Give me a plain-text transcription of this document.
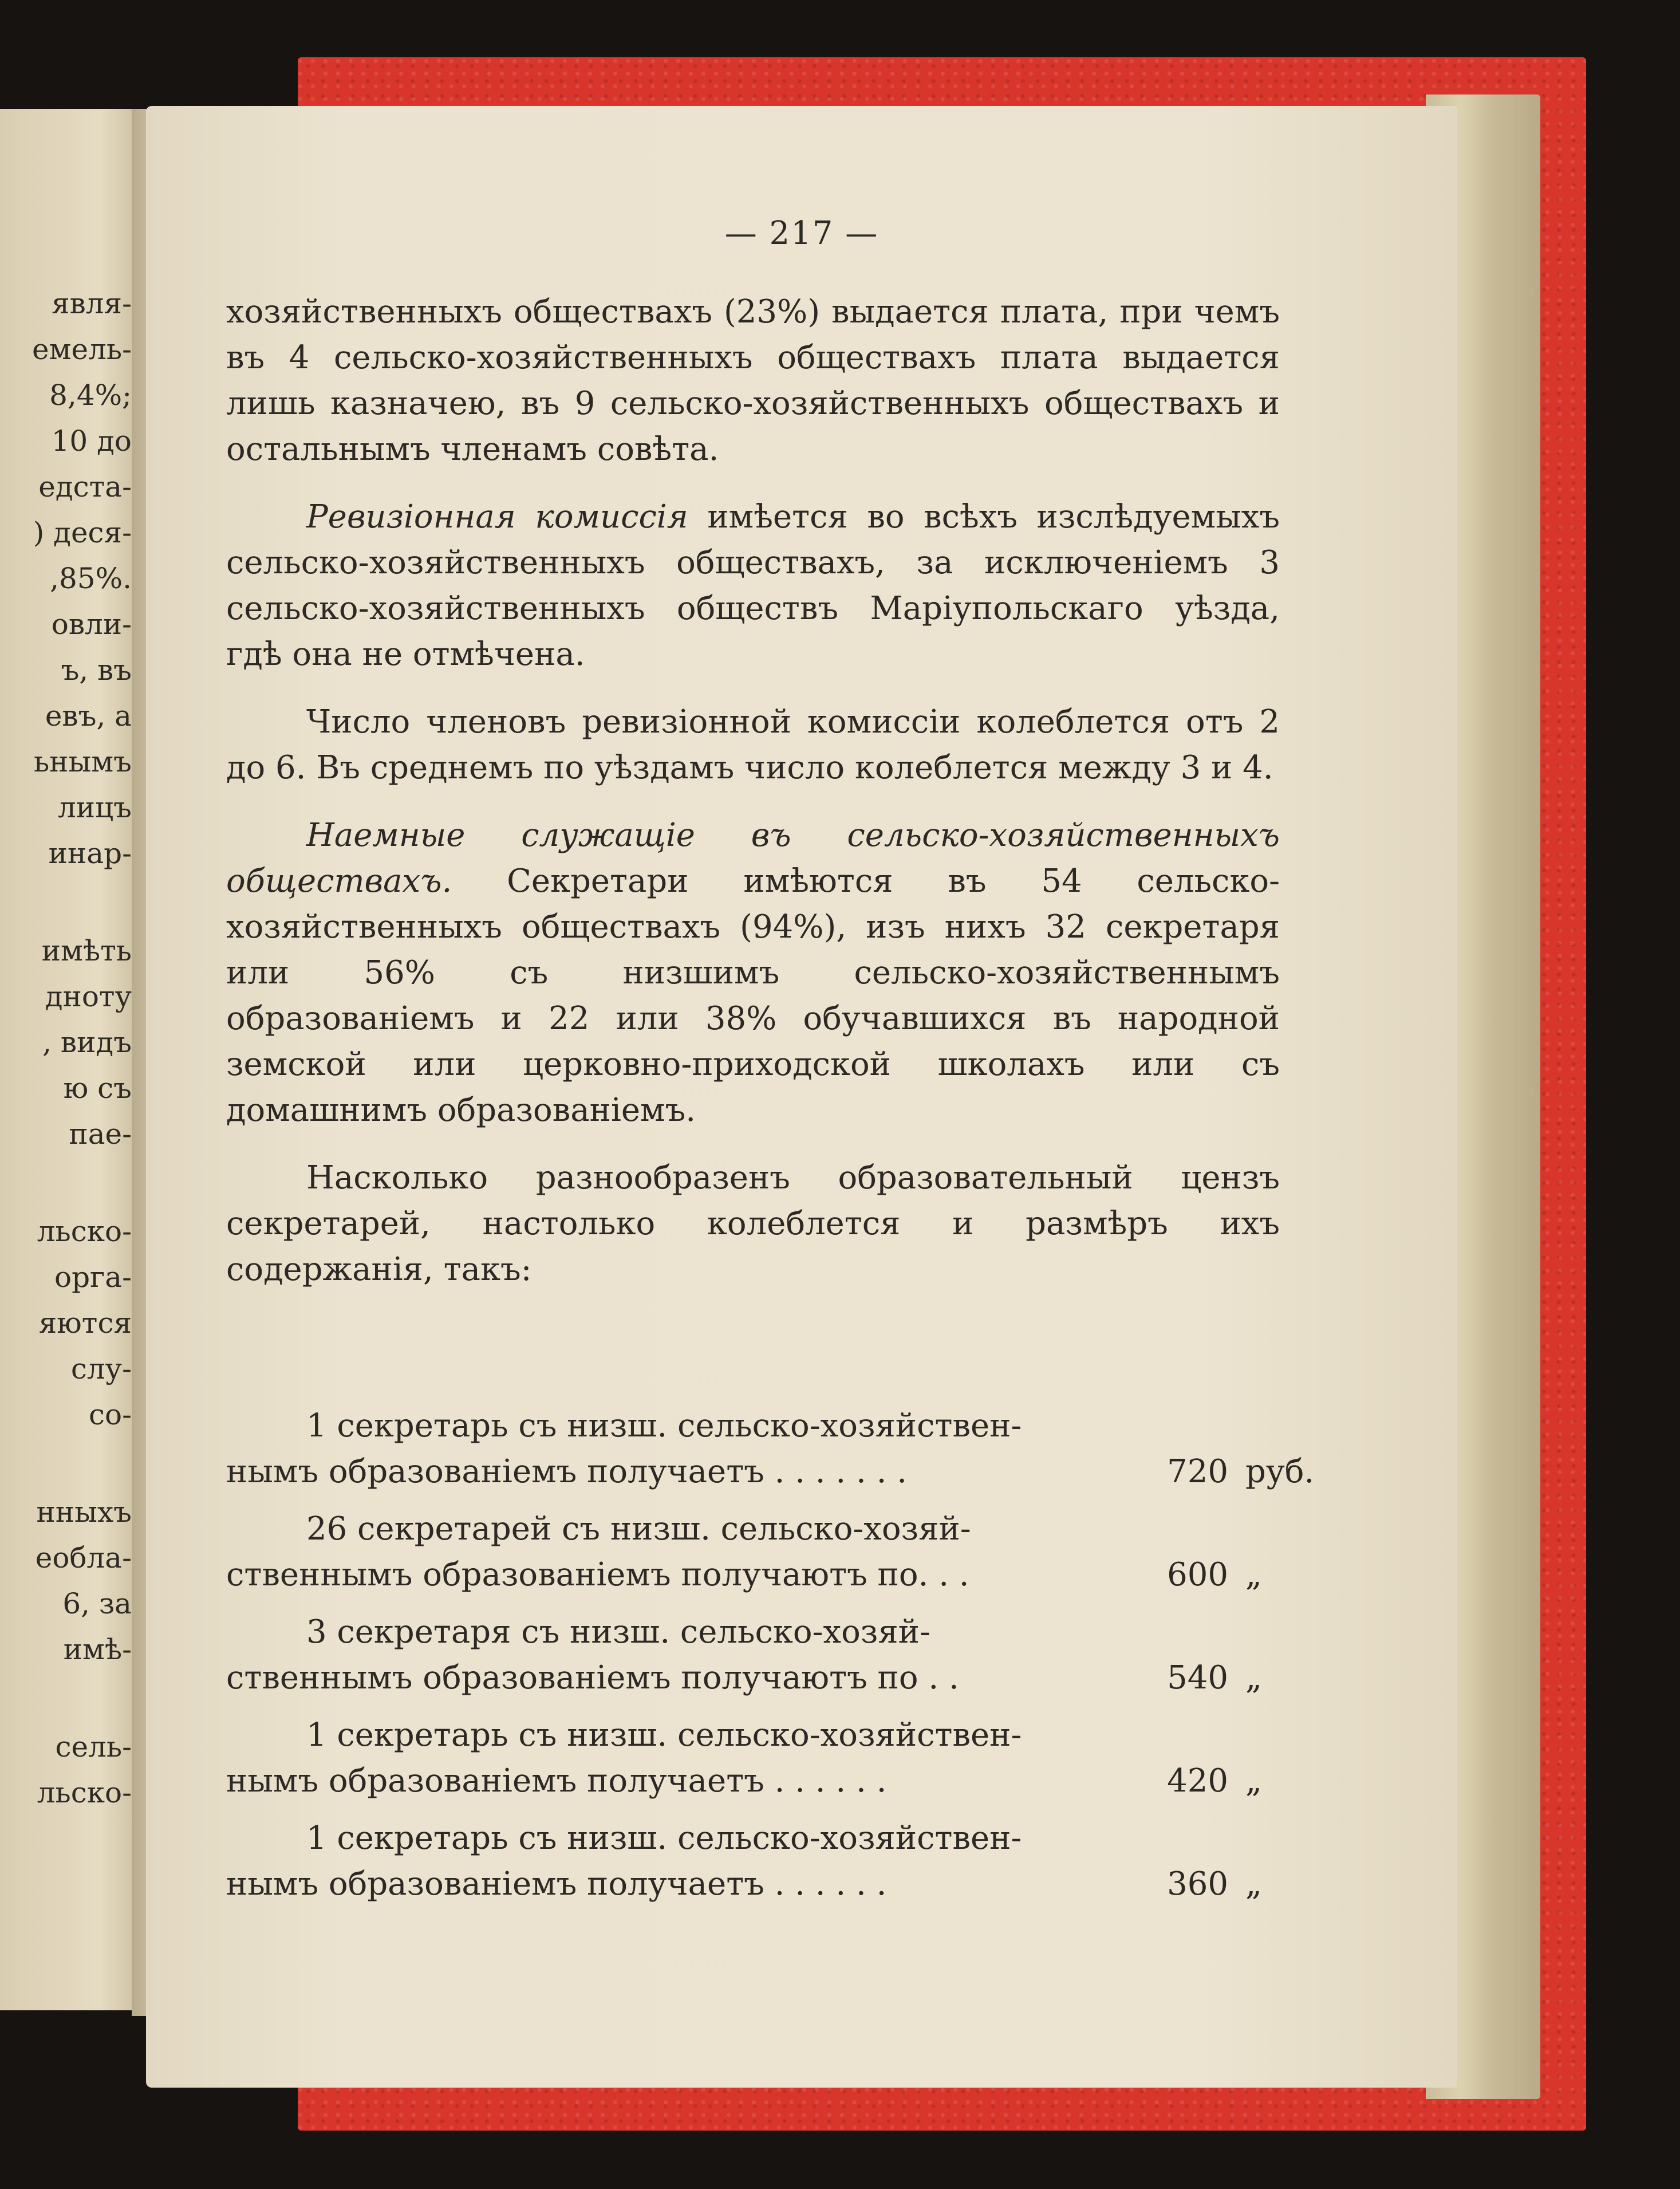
явля-
емель-
8,4%;
10 до
едста-
) деся-
,85%.
овли-
ъ, въ
евъ, а
ьнымъ
лицъ
инар-
имѣть
дноту
, видъ
ю съ
пае-
льско-
орга-
яются
слу-
со-
нныхъ
еобла-
6, за
имѣ-
сель-
льско-
— 217 —

хозяйственныхъ обществахъ (23%) выдается плата, при чемъ въ 4 сельско-хозяйственныхъ обществахъ плата выдается лишь казначею, въ 9 сельско-хозяйственныхъ обществахъ и остальнымъ членамъ совѣта.

Ревизіонная комиссія имѣется во всѣхъ изслѣдуемыхъ сельско-хозяйственныхъ обществахъ, за исключеніемъ 3 сельско-хозяйственныхъ обществъ Маріупольскаго уѣзда, гдѣ она не отмѣчена.

Число членовъ ревизіонной комиссіи колеблется отъ 2 до 6. Въ среднемъ по уѣздамъ число колеблется между 3 и 4.

Наемные служащіе въ сельско-хозяйственныхъ обществахъ. Секретари имѣются въ 54 сельско-хозяйственныхъ обществахъ (94%), изъ нихъ 32 секретаря или 56% съ низшимъ сельско-хозяйственнымъ образованіемъ и 22 или 38% обучавшихся въ народной земской или церковно-приходской школахъ или съ домашнимъ образованіемъ.

Насколько разнообразенъ образовательный цензъ секретарей, настолько колеблется и размѣръ ихъ содержанія, такъ:

1 секретарь съ низш. сельско-хозяйствен-
нымъ образованіемъ получаетъ . . . . . . .	720 руб.
26 секретарей съ низш. сельско-хозяй-
ственнымъ образованіемъ получаютъ по. . .	600 „
3 секретаря съ низш. сельско-хозяй-
ственнымъ образованіемъ получаютъ по . .	540 „
1 секретарь съ низш. сельско-хозяйствен-
нымъ образованіемъ получаетъ . . . . . .	420 „
1 секретарь съ низш. сельско-хозяйствен-
нымъ образованіемъ получаетъ . . . . . .	360 „
